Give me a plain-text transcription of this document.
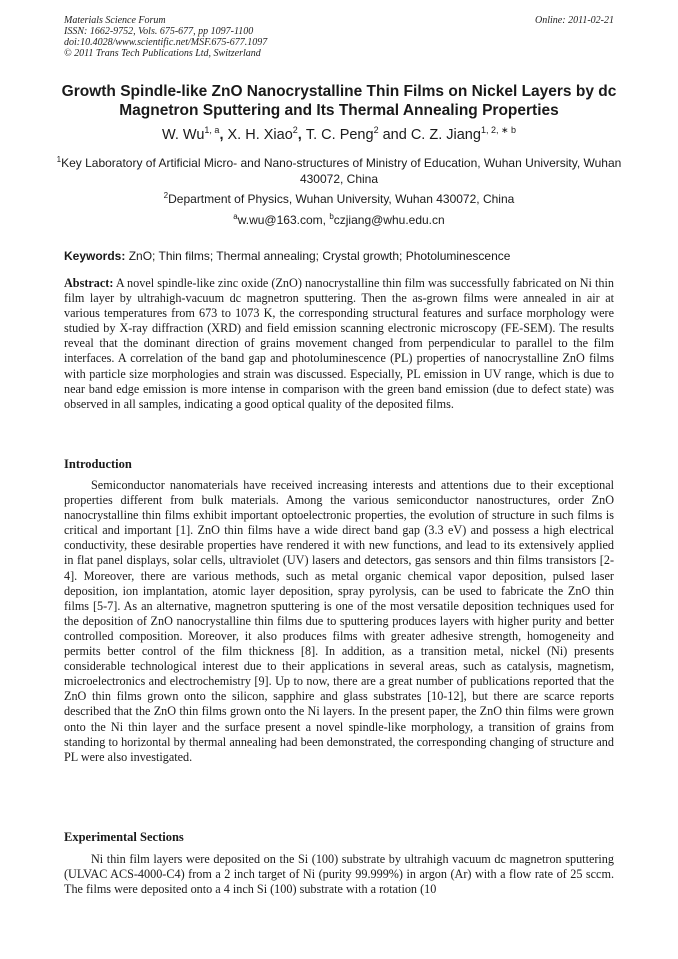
Materials Science Forum
ISSN: 1662-9752, Vols. 675-677, pp 1097-1100
doi:10.4028/www.scientific.net/MSF.675-677.1097
© 2011 Trans Tech Publications Ltd, Switzerland
Online: 2011-02-21
Growth Spindle-like ZnO Nanocrystalline Thin Films on Nickel Layers by dc Magnetron Sputtering and Its Thermal Annealing Properties
W. Wu$^{1, a}$, X. H. Xiao$^2$, T. C. Peng$^2$ and C. Z. Jiang$^{1, 2, ∗ b}$
$^1$Key Laboratory of Artificial Micro- and Nano-structures of Ministry of Education, Wuhan University, Wuhan 430072, China
$^2$Department of Physics, Wuhan University, Wuhan 430072, China
$^a$w.wu@163.com, $^b$czjiang@whu.edu.cn
Keywords: ZnO; Thin films; Thermal annealing; Crystal growth; Photoluminescence
Abstract: A novel spindle-like zinc oxide (ZnO) nanocrystalline thin film was successfully fabricated on Ni thin film layer by ultrahigh-vacuum dc magnetron sputtering. Then the as-grown films were annealed in air at various temperatures from 673 to 1073 K, the corresponding structural features and surface morphology were studied by X-ray diffraction (XRD) and field emission scanning electronic microscopy (FE-SEM). The results reveal that the dominant direction of grains movement changed from perpendicular to parallel to the film interfaces. A correlation of the band gap and photoluminescence (PL) properties of nanocrystalline ZnO films with particle size morphologies and strain was discussed. Especially, PL emission in UV range, which is due to near band edge emission is more intense in comparison with the green band emission (due to defect state) was observed in all samples, indicating a good optical quality of the deposited films.
Introduction
Semiconductor nanomaterials have received increasing interests and attentions due to their exceptional properties different from bulk materials. Among the various semiconductor nanostructures, order ZnO nanocrystalline thin films exhibit important optoelectronic properties, the evolution of structure in such films is critical and important [1]. ZnO thin films have a wide direct band gap (3.3 eV) and possess a high electrical conductivity, these desirable properties have rendered it with new functions, and lead to its extensively applied in flat panel displays, solar cells, ultraviolet (UV) lasers and detectors, gas sensors and thin films transistors [2-4]. Moreover, there are various methods, such as metal organic chemical vapor deposition, pulsed laser deposition, ion implantation, atomic layer deposition, spray pyrolysis, can be used to fabricate the ZnO thin films [5-7]. As an alternative, magnetron sputtering is one of the most versatile deposition techniques used for the deposition of ZnO nanocrystalline thin films due to sputtering produces layers with higher purity and better controlled composition. Moreover, it also produces films with greater adhesive strength, homogeneity and permits better control of the film thickness [8]. In addition, as a transition metal, nickel (Ni) presents considerable technological interest due to their applications in several areas, such as catalysis, magnetism, microelectronics and electrochemistry [9]. Up to now, there are a great number of publications reported that the ZnO thin films grown onto the silicon, sapphire and glass substrates [10-12], but there are scarce reports described that the ZnO thin films grown onto the Ni layers. In the present paper, the ZnO thin films were grown onto the Ni thin layer and the surface present a novel spindle-like morphology, a transition of grains from standing to horizontal by thermal annealing had been demonstrated, the corresponding changing of structure and PL were also investigated.
Experimental Sections
Ni thin film layers were deposited on the Si (100) substrate by ultrahigh vacuum dc magnetron sputtering (ULVAC ACS-4000-C4) from a 2 inch target of Ni (purity 99.999%) in argon (Ar) with a flow rate of 25 sccm. The films were deposited onto a 4 inch Si (100) substrate with a rotation (10
